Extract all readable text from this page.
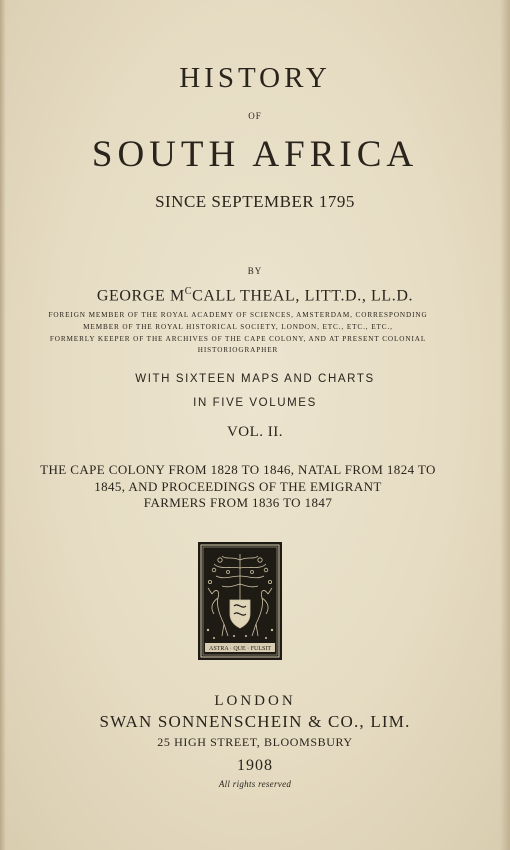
HISTORY
OF
SOUTH AFRICA
SINCE SEPTEMBER 1795
BY
GEORGE $M^CCALL$ THEAL, LITT.D., LL.D.
FOREIGN MEMBER OF THE ROYAL ACADEMY OF SCIENCES, AMSTERDAM, CORRESPONDING
MEMBER OF THE ROYAL HISTORICAL SOCIETY, LONDON, ETC., ETC., ETC.,
FORMERLY KEEPER OF THE ARCHIVES OF THE CAPE COLONY, AND AT PRESENT COLONIAL
HISTORIOGRAPHER
WITH SIXTEEN MAPS AND CHARTS
IN FIVE VOLUMES
VOL. II.
THE CAPE COLONY FROM 1828 TO 1846, NATAL FROM 1824 TO
1845, AND PROCEEDINGS OF THE EMIGRANT
FARMERS FROM 1836 TO 1847
ASTRA · QUE · FULSIT
LONDON
SWAN SONNENSCHEIN & CO., LIM.
25 HIGH STREET, BLOOMSBURY
1908
All rights reserved
